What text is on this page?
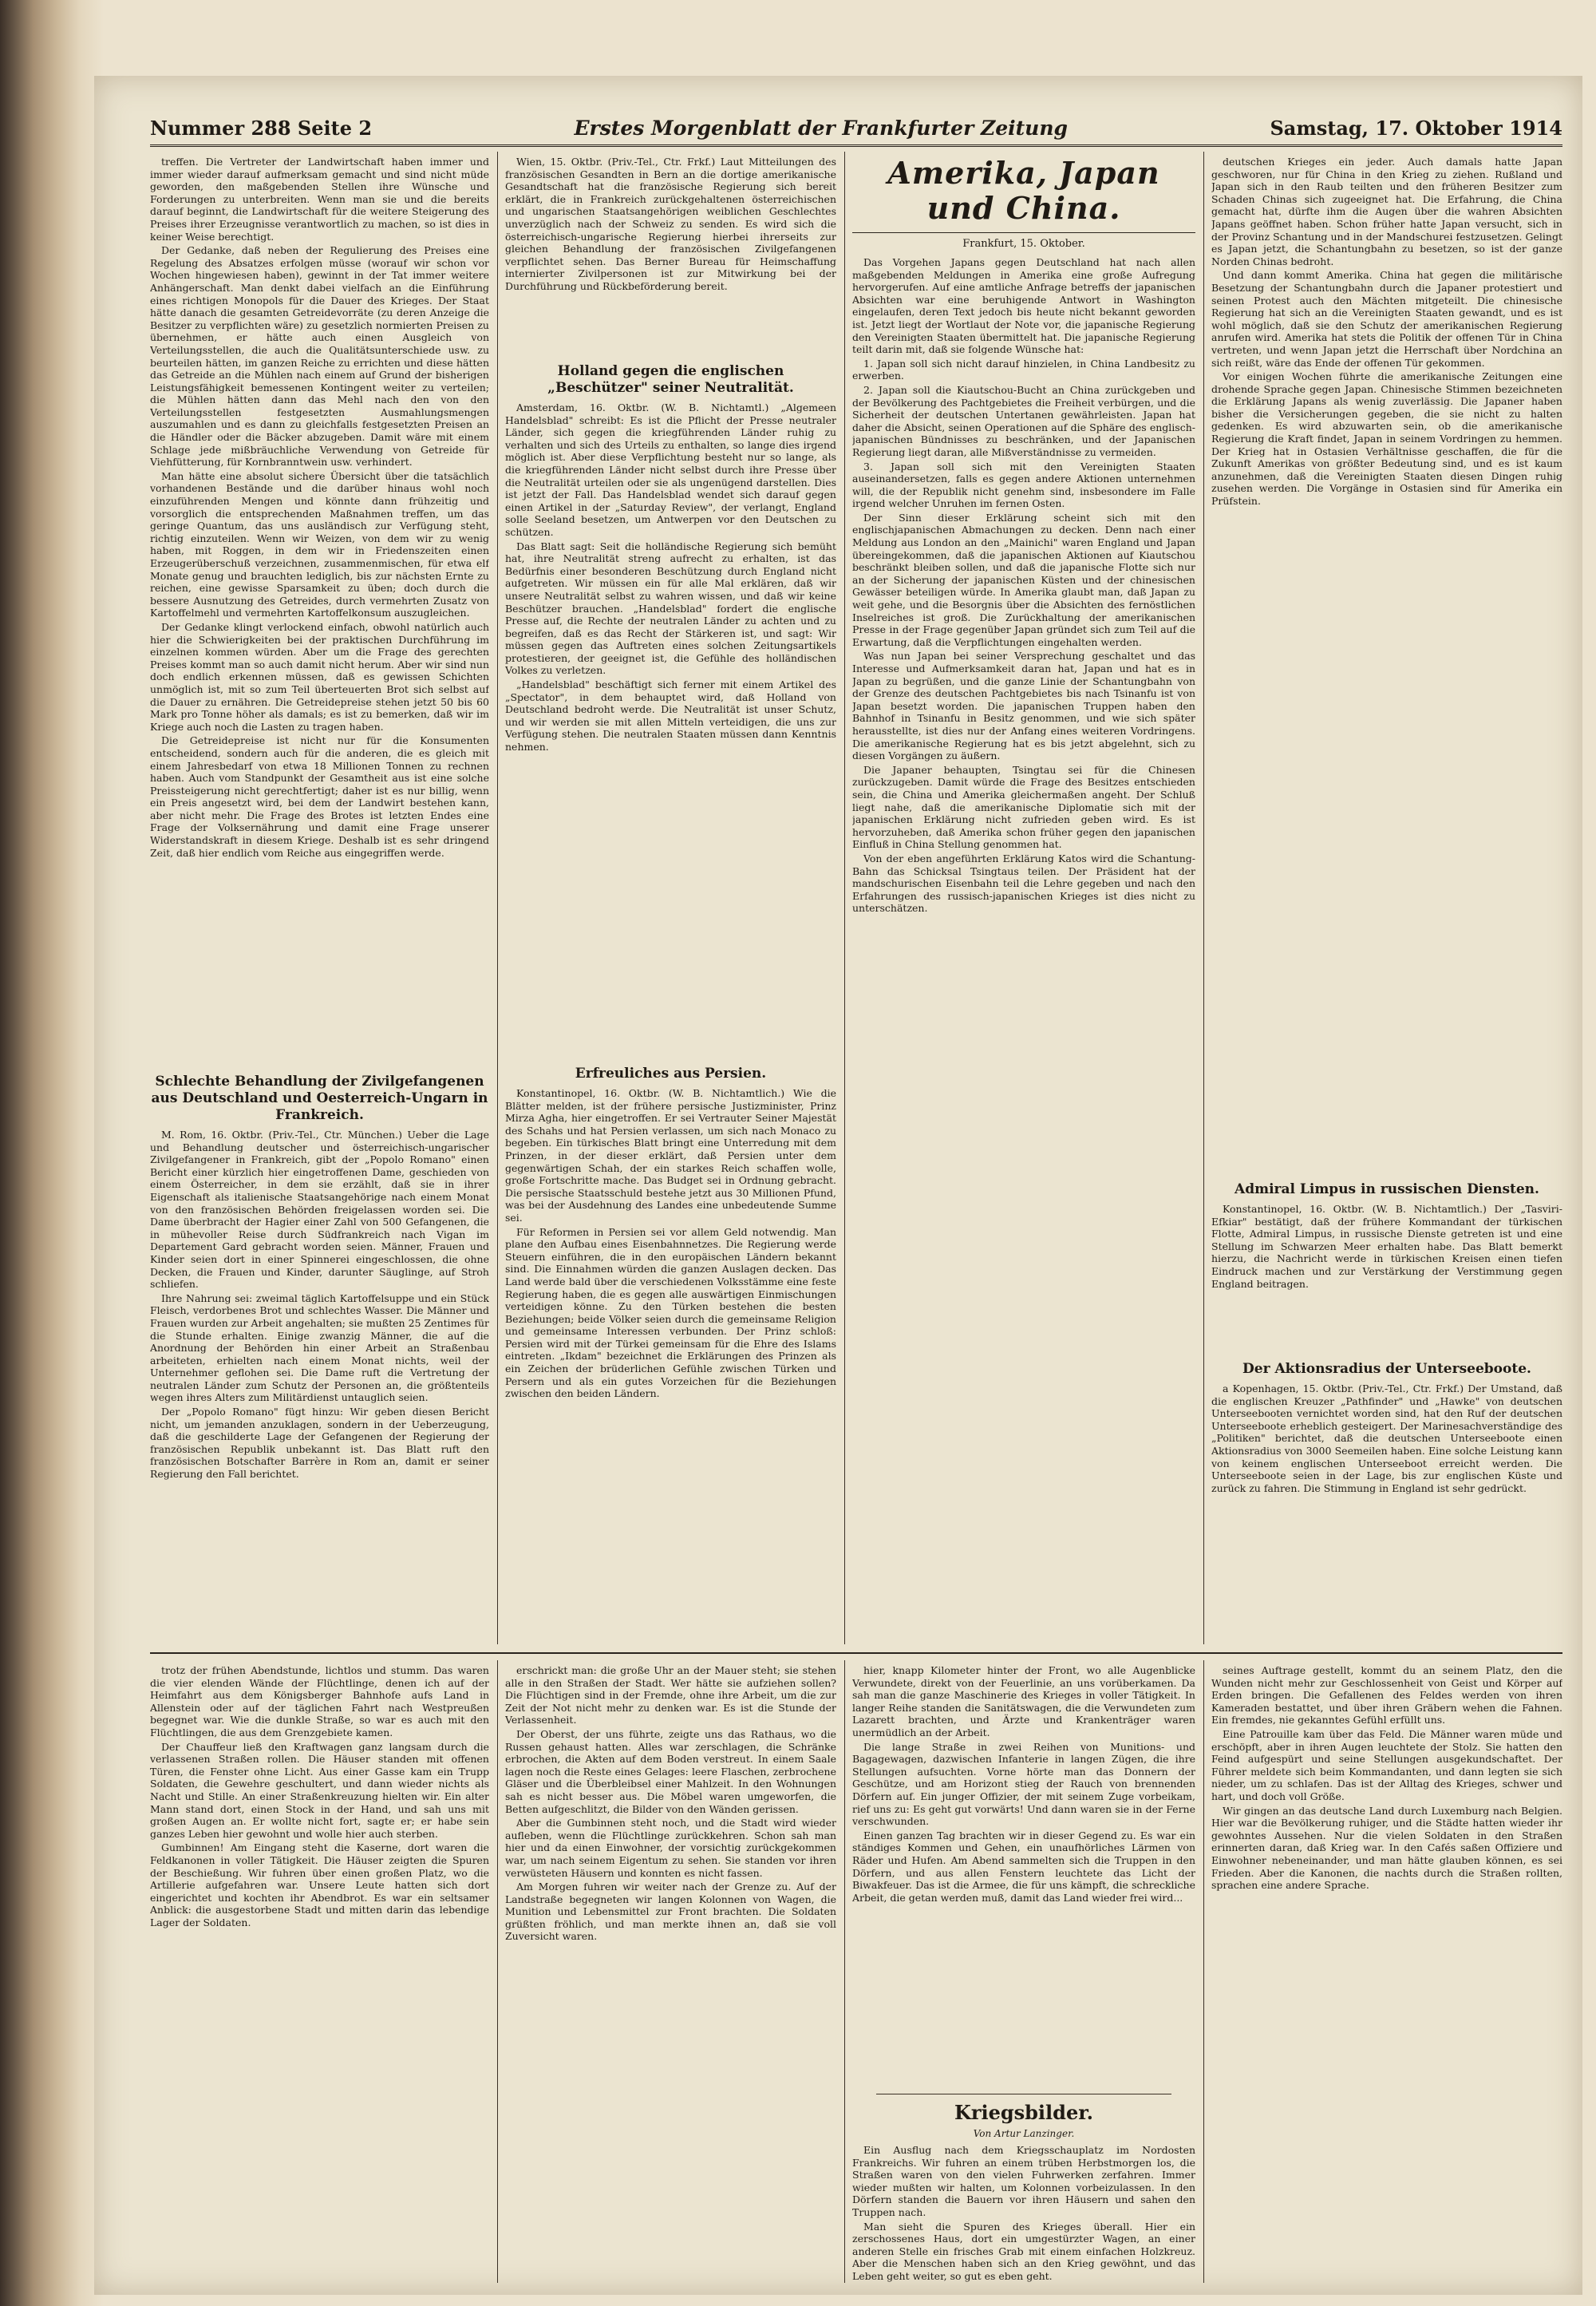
Nummer 288 Seite 2	Erstes Morgenblatt der Frankfurter Zeitung	Samstag, 17. Oktober 1914

treffen. Die Vertreter der Landwirtschaft haben immer und immer wieder darauf aufmerksam gemacht und sind nicht müde geworden, den maßgebenden Stellen ihre Wünsche und Forderungen zu unterbreiten. Wenn man sie und die bereits darauf beginnt, die Landwirtschaft für die weitere Steigerung des Preises ihrer Erzeugnisse verantwortlich zu machen, so ist dies in keiner Weise berechtigt.

Der Gedanke, daß neben der Regulierung des Preises eine Regelung des Absatzes erfolgen müsse (worauf wir schon vor Wochen hingewiesen haben), gewinnt in der Tat immer weitere Anhängerschaft. Man denkt dabei vielfach an die Einführung eines richtigen Monopols für die Dauer des Krieges. Der Staat hätte danach die gesamten Getreidevorräte (zu deren Anzeige die Besitzer zu verpflichten wäre) zu gesetzlich normierten Preisen zu übernehmen, er hätte auch einen Ausgleich von Verteilungsstellen, die auch die Qualitätsunterschiede usw. zu beurteilen hätten, im ganzen Reiche zu errichten und diese hätten das Getreide an die Mühlen nach einem auf Grund der bisherigen Leistungsfähigkeit bemessenen Kontingent weiter zu verteilen; die Mühlen hätten dann das Mehl nach den von den Verteilungsstellen festgesetzten Ausmahlungsmengen auszumahlen und es dann zu gleichfalls festgesetzten Preisen an die Händler oder die Bäcker abzugeben. Damit wäre mit einem Schlage jede mißbräuchliche Verwendung von Getreide für Viehfütterung, für Kornbranntwein usw. verhindert.

Man hätte eine absolut sichere Übersicht über die tatsächlich vorhandenen Bestände und die darüber hinaus wohl noch einzuführenden Mengen und könnte dann frühzeitig und vorsorglich die entsprechenden Maßnahmen treffen, um das geringe Quantum, das uns ausländisch zur Verfügung steht, richtig einzuteilen. Wenn wir Weizen, von dem wir zu wenig haben, mit Roggen, in dem wir in Friedenszeiten einen Erzeugerüberschuß verzeichnen, zusammenmischen, für etwa elf Monate genug und brauchten lediglich, bis zur nächsten Ernte zu reichen, eine gewisse Sparsamkeit zu üben; doch durch die bessere Ausnutzung des Getreides, durch vermehrten Zusatz von Kartoffelmehl und vermehrten Kartoffelkonsum auszugleichen.

Der Gedanke klingt verlockend einfach, obwohl natürlich auch hier die Schwierigkeiten bei der praktischen Durchführung im einzelnen kommen würden. Aber um die Frage des gerechten Preises kommt man so auch damit nicht herum. Aber wir sind nun doch endlich erkennen müssen, daß es gewissen Schichten unmöglich ist, mit so zum Teil überteuerten Brot sich selbst auf die Dauer zu ernähren. Die Getreidepreise stehen jetzt 50 bis 60 Mark pro Tonne höher als damals; es ist zu bemerken, daß wir im Kriege auch noch die Lasten zu tragen haben.

Die Getreidepreise ist nicht nur für die Konsumenten entscheidend, sondern auch für die anderen, die es gleich mit einem Jahresbedarf von etwa 18 Millionen Tonnen zu rechnen haben. Auch vom Standpunkt der Gesamtheit aus ist eine solche Preissteigerung nicht gerechtfertigt; daher ist es nur billig, wenn ein Preis angesetzt wird, bei dem der Landwirt bestehen kann, aber nicht mehr. Die Frage des Brotes ist letzten Endes eine Frage der Volksernährung und damit eine Frage unserer Widerstandskraft in diesem Kriege. Deshalb ist es sehr dringend Zeit, daß hier endlich vom Reiche aus eingegriffen werde.

Schlechte Behandlung der Zivilgefangenen aus Deutschland und Oesterreich-Ungarn in Frankreich.

M. Rom, 16. Oktbr. (Priv.-Tel., Ctr. München.) Ueber die Lage und Behandlung deutscher und österreichisch-ungarischer Zivilgefangener in Frankreich, gibt der „Popolo Romano" einen Bericht einer kürzlich hier eingetroffenen Dame, geschieden von einem Österreicher, in dem sie erzählt, daß sie in ihrer Eigenschaft als italienische Staatsangehörige nach einem Monat von den französischen Behörden freigelassen worden sei. Die Dame überbracht der Hagier einer Zahl von 500 Gefangenen, die in mühevoller Reise durch Südfrankreich nach Vigan im Departement Gard gebracht worden seien. Männer, Frauen und Kinder seien dort in einer Spinnerei eingeschlossen, die ohne Decken, die Frauen und Kinder, darunter Säuglinge, auf Stroh schliefen.

Ihre Nahrung sei: zweimal täglich Kartoffelsuppe und ein Stück Fleisch, verdorbenes Brot und schlechtes Wasser. Die Männer und Frauen wurden zur Arbeit angehalten; sie mußten 25 Zentimes für die Stunde erhalten. Einige zwanzig Männer, die auf die Anordnung der Behörden hin einer Arbeit an Straßenbau arbeiteten, erhielten nach einem Monat nichts, weil der Unternehmer geflohen sei. Die Dame ruft die Vertretung der neutralen Länder zum Schutz der Personen an, die größtenteils wegen ihres Alters zum Militärdienst untauglich seien.

Der „Popolo Romano" fügt hinzu: Wir geben diesen Bericht nicht, um jemanden anzuklagen, sondern in der Ueberzeugung, daß die geschilderte Lage der Gefangenen der Regierung der französischen Republik unbekannt ist. Das Blatt ruft den französischen Botschafter Barrère in Rom an, damit er seiner Regierung den Fall berichtet.

Wien, 15. Oktbr. (Priv.-Tel., Ctr. Frkf.) Laut Mitteilungen des französischen Gesandten in Bern an die dortige amerikanische Gesandtschaft hat die französische Regierung sich bereit erklärt, die in Frankreich zurückgehaltenen österreichischen und ungarischen Staatsangehörigen weiblichen Geschlechtes unverzüglich nach der Schweiz zu senden. Es wird sich die österreichisch-ungarische Regierung hierbei ihrerseits zur gleichen Behandlung der französischen Zivilgefangenen verpflichtet sehen. Das Berner Bureau für Heimschaffung internierter Zivilpersonen ist zur Mitwirkung bei der Durchführung und Rückbeförderung bereit.

Holland gegen die englischen „Beschützer" seiner Neutralität.

Amsterdam, 16. Oktbr. (W. B. Nichtamtl.) „Algemeen Handelsblad" schreibt: Es ist die Pflicht der Presse neutraler Länder, sich gegen die kriegführenden Länder ruhig zu verhalten und sich des Urteils zu enthalten, so lange dies irgend möglich ist. Aber diese Verpflichtung besteht nur so lange, als die kriegführenden Länder nicht selbst durch ihre Presse über die Neutralität urteilen oder sie als ungenügend darstellen. Dies ist jetzt der Fall. Das Handelsblad wendet sich darauf gegen einen Artikel in der „Saturday Review", der verlangt, England solle Seeland besetzen, um Antwerpen vor den Deutschen zu schützen.

Das Blatt sagt: Seit die holländische Regierung sich bemüht hat, ihre Neutralität streng aufrecht zu erhalten, ist das Bedürfnis einer besonderen Beschützung durch England nicht aufgetreten. Wir müssen ein für alle Mal erklären, daß wir unsere Neutralität selbst zu wahren wissen, und daß wir keine Beschützer brauchen. „Handelsblad" fordert die englische Presse auf, die Rechte der neutralen Länder zu achten und zu begreifen, daß es das Recht der Stärkeren ist, und sagt: Wir müssen gegen das Auftreten eines solchen Zeitungsartikels protestieren, der geeignet ist, die Gefühle des holländischen Volkes zu verletzen.

„Handelsblad" beschäftigt sich ferner mit einem Artikel des „Spectator", in dem behauptet wird, daß Holland von Deutschland bedroht werde. Die Neutralität ist unser Schutz, und wir werden sie mit allen Mitteln verteidigen, die uns zur Verfügung stehen. Die neutralen Staaten müssen dann Kenntnis nehmen.

Erfreuliches aus Persien.

Konstantinopel, 16. Oktbr. (W. B. Nichtamtlich.) Wie die Blätter melden, ist der frühere persische Justizminister, Prinz Mirza Agha, hier eingetroffen. Er sei Vertrauter Seiner Majestät des Schahs und hat Persien verlassen, um sich nach Monaco zu begeben. Ein türkisches Blatt bringt eine Unterredung mit dem Prinzen, in der dieser erklärt, daß Persien unter dem gegenwärtigen Schah, der ein starkes Reich schaffen wolle, große Fortschritte mache. Das Budget sei in Ordnung gebracht. Die persische Staatsschuld bestehe jetzt aus 30 Millionen Pfund, was bei der Ausdehnung des Landes eine unbedeutende Summe sei.

Für Reformen in Persien sei vor allem Geld notwendig. Man plane den Aufbau eines Eisenbahnnetzes. Die Regierung werde Steuern einführen, die in den europäischen Ländern bekannt sind. Die Einnahmen würden die ganzen Auslagen decken. Das Land werde bald über die verschiedenen Volksstämme eine feste Regierung haben, die es gegen alle auswärtigen Einmischungen verteidigen könne. Zu den Türken bestehen die besten Beziehungen; beide Völker seien durch die gemeinsame Religion und gemeinsame Interessen verbunden. Der Prinz schloß: Persien wird mit der Türkei gemeinsam für die Ehre des Islams eintreten. „Ikdam" bezeichnet die Erklärungen des Prinzen als ein Zeichen der brüderlichen Gefühle zwischen Türken und Persern und als ein gutes Vorzeichen für die Beziehungen zwischen den beiden Ländern.

Amerika, Japan und China.
Frankfurt, 15. Oktober.

Das Vorgehen Japans gegen Deutschland hat nach allen maßgebenden Meldungen in Amerika eine große Aufregung hervorgerufen. Auf eine amtliche Anfrage betreffs der japanischen Absichten war eine beruhigende Antwort in Washington eingelaufen, deren Text jedoch bis heute nicht bekannt geworden ist. Jetzt liegt der Wortlaut der Note vor, die japanische Regierung den Vereinigten Staaten übermittelt hat. Die japanische Regierung teilt darin mit, daß sie folgende Wünsche hat:

1. Japan soll sich nicht darauf hinzielen, in China Landbesitz zu erwerben.

2. Japan soll die Kiautschou-Bucht an China zurückgeben und der Bevölkerung des Pachtgebietes die Freiheit verbürgen, und die Sicherheit der deutschen Untertanen gewährleisten. Japan hat daher die Absicht, seinen Operationen auf die Sphäre des englisch-japanischen Bündnisses zu beschränken, und der Japanischen Regierung liegt daran, alle Mißverständnisse zu vermeiden.

3. Japan soll sich mit den Vereinigten Staaten auseinandersetzen, falls es gegen andere Aktionen unternehmen will, die der Republik nicht genehm sind, insbesondere im Falle irgend welcher Unruhen im fernen Osten.

Der Sinn dieser Erklärung scheint sich mit den englischjapanischen Abmachungen zu decken. Denn nach einer Meldung aus London an den „Mainichi" waren England und Japan übereingekommen, daß die japanischen Aktionen auf Kiautschou beschränkt bleiben sollen, und daß die japanische Flotte sich nur an der Sicherung der japanischen Küsten und der chinesischen Gewässer beteiligen würde. In Amerika glaubt man, daß Japan zu weit gehe, und die Besorgnis über die Absichten des fernöstlichen Inselreiches ist groß. Die Zurückhaltung der amerikanischen Presse in der Frage gegenüber Japan gründet sich zum Teil auf die Erwartung, daß die Verpflichtungen eingehalten werden.

Was nun Japan bei seiner Versprechung geschaltet und das Interesse und Aufmerksamkeit daran hat, Japan und hat es in Japan zu begrüßen, und die ganze Linie der Schantungbahn von der Grenze des deutschen Pachtgebietes bis nach Tsinanfu ist von Japan besetzt worden. Die japanischen Truppen haben den Bahnhof in Tsinanfu in Besitz genommen, und wie sich später herausstellte, ist dies nur der Anfang eines weiteren Vordringens. Die amerikanische Regierung hat es bis jetzt abgelehnt, sich zu diesen Vorgängen zu äußern.

Die Japaner behaupten, Tsingtau sei für die Chinesen zurückzugeben. Damit würde die Frage des Besitzes entschieden sein, die China und Amerika gleichermaßen angeht. Der Schluß liegt nahe, daß die amerikanische Diplomatie sich mit der japanischen Erklärung nicht zufrieden geben wird. Es ist hervorzuheben, daß Amerika schon früher gegen den japanischen Einfluß in China Stellung genommen hat.

Von der eben angeführten Erklärung Katos wird die Schantung-Bahn das Schicksal Tsingtaus teilen. Der Präsident hat der mandschurischen Eisenbahn teil die Lehre gegeben und nach den Erfahrungen des russisch-japanischen Krieges ist dies nicht zu unterschätzen.

deutschen Krieges ein jeder. Auch damals hatte Japan geschworen, nur für China in den Krieg zu ziehen. Rußland und Japan sich in den Raub teilten und den früheren Besitzer zum Schaden Chinas sich zugeeignet hat. Die Erfahrung, die China gemacht hat, dürfte ihm die Augen über die wahren Absichten Japans geöffnet haben. Schon früher hatte Japan versucht, sich in der Provinz Schantung und in der Mandschurei festzusetzen. Gelingt es Japan jetzt, die Schantungbahn zu besetzen, so ist der ganze Norden Chinas bedroht.

Und dann kommt Amerika. China hat gegen die militärische Besetzung der Schantungbahn durch die Japaner protestiert und seinen Protest auch den Mächten mitgeteilt. Die chinesische Regierung hat sich an die Vereinigten Staaten gewandt, und es ist wohl möglich, daß sie den Schutz der amerikanischen Regierung anrufen wird. Amerika hat stets die Politik der offenen Tür in China vertreten, und wenn Japan jetzt die Herrschaft über Nordchina an sich reißt, wäre das Ende der offenen Tür gekommen.

Vor einigen Wochen führte die amerikanische Zeitungen eine drohende Sprache gegen Japan. Chinesische Stimmen bezeichneten die Erklärung Japans als wenig zuverlässig. Die Japaner haben bisher die Versicherungen gegeben, die sie nicht zu halten gedenken. Es wird abzuwarten sein, ob die amerikanische Regierung die Kraft findet, Japan in seinem Vordringen zu hemmen. Der Krieg hat in Ostasien Verhältnisse geschaffen, die für die Zukunft Amerikas von größter Bedeutung sind, und es ist kaum anzunehmen, daß die Vereinigten Staaten diesen Dingen ruhig zusehen werden. Die Vorgänge in Ostasien sind für Amerika ein Prüfstein.

Admiral Limpus in russischen Diensten.

Konstantinopel, 16. Oktbr. (W. B. Nichtamtlich.) Der „Tasviri-Efkiar" bestätigt, daß der frühere Kommandant der türkischen Flotte, Admiral Limpus, in russische Dienste getreten ist und eine Stellung im Schwarzen Meer erhalten habe. Das Blatt bemerkt hierzu, die Nachricht werde in türkischen Kreisen einen tiefen Eindruck machen und zur Verstärkung der Verstimmung gegen England beitragen.

Der Aktionsradius der Unterseeboote.

a Kopenhagen, 15. Oktbr. (Priv.-Tel., Ctr. Frkf.) Der Umstand, daß die englischen Kreuzer „Pathfinder" und „Hawke" von deutschen Unterseebooten vernichtet worden sind, hat den Ruf der deutschen Unterseeboote erheblich gesteigert. Der Marinesachverständige des „Politiken" berichtet, daß die deutschen Unterseeboote einen Aktionsradius von 3000 Seemeilen haben. Eine solche Leistung kann von keinem englischen Unterseeboot erreicht werden. Die Unterseeboote seien in der Lage, bis zur englischen Küste und zurück zu fahren. Die Stimmung in England ist sehr gedrückt.

trotz der frühen Abendstunde, lichtlos und stumm. Das waren die vier elenden Wände der Flüchtlinge, denen ich auf der Heimfahrt aus dem Königsberger Bahnhofe aufs Land in Allenstein oder auf der täglichen Fahrt nach Westpreußen begegnet war. Wie die dunkle Straße, so war es auch mit den Flüchtlingen, die aus dem Grenzgebiete kamen.

Der Chauffeur ließ den Kraftwagen ganz langsam durch die verlassenen Straßen rollen. Die Häuser standen mit offenen Türen, die Fenster ohne Licht. Aus einer Gasse kam ein Trupp Soldaten, die Gewehre geschultert, und dann wieder nichts als Nacht und Stille. An einer Straßenkreuzung hielten wir. Ein alter Mann stand dort, einen Stock in der Hand, und sah uns mit großen Augen an. Er wollte nicht fort, sagte er; er habe sein ganzes Leben hier gewohnt und wolle hier auch sterben.

Gumbinnen! Am Eingang steht die Kaserne, dort waren die Feldkanonen in voller Tätigkeit. Die Häuser zeigten die Spuren der Beschießung. Wir fuhren über einen großen Platz, wo die Artillerie aufgefahren war. Unsere Leute hatten sich dort eingerichtet und kochten ihr Abendbrot. Es war ein seltsamer Anblick: die ausgestorbene Stadt und mitten darin das lebendige Lager der Soldaten.

erschrickt man: die große Uhr an der Mauer steht; sie stehen alle in den Straßen der Stadt. Wer hätte sie aufziehen sollen? Die Flüchtigen sind in der Fremde, ohne ihre Arbeit, um die zur Zeit der Not nicht mehr zu denken war. Es ist die Stunde der Verlassenheit.

Der Oberst, der uns führte, zeigte uns das Rathaus, wo die Russen gehaust hatten. Alles war zerschlagen, die Schränke erbrochen, die Akten auf dem Boden verstreut. In einem Saale lagen noch die Reste eines Gelages: leere Flaschen, zerbrochene Gläser und die Überbleibsel einer Mahlzeit. In den Wohnungen sah es nicht besser aus. Die Möbel waren umgeworfen, die Betten aufgeschlitzt, die Bilder von den Wänden gerissen.

Aber die Gumbinnen steht noch, und die Stadt wird wieder aufleben, wenn die Flüchtlinge zurückkehren. Schon sah man hier und da einen Einwohner, der vorsichtig zurückgekommen war, um nach seinem Eigentum zu sehen. Sie standen vor ihren verwüsteten Häusern und konnten es nicht fassen.

Am Morgen fuhren wir weiter nach der Grenze zu. Auf der Landstraße begegneten wir langen Kolonnen von Wagen, die Munition und Lebensmittel zur Front brachten. Die Soldaten grüßten fröhlich, und man merkte ihnen an, daß sie voll Zuversicht waren.

hier, knapp Kilometer hinter der Front, wo alle Augenblicke Verwundete, direkt von der Feuerlinie, an uns vorüberkamen. Da sah man die ganze Maschinerie des Krieges in voller Tätigkeit. In langer Reihe standen die Sanitätswagen, die die Verwundeten zum Lazarett brachten, und Ärzte und Krankenträger waren unermüdlich an der Arbeit.

Die lange Straße in zwei Reihen von Munitions- und Bagagewagen, dazwischen Infanterie in langen Zügen, die ihre Stellungen aufsuchten. Vorne hörte man das Donnern der Geschütze, und am Horizont stieg der Rauch von brennenden Dörfern auf. Ein junger Offizier, der mit seinem Zuge vorbeikam, rief uns zu: Es geht gut vorwärts! Und dann waren sie in der Ferne verschwunden.

Einen ganzen Tag brachten wir in dieser Gegend zu. Es war ein ständiges Kommen und Gehen, ein unaufhörliches Lärmen von Räder und Hufen. Am Abend sammelten sich die Truppen in den Dörfern, und aus allen Fenstern leuchtete das Licht der Biwakfeuer. Das ist die Armee, die für uns kämpft, die schreckliche Arbeit, die getan werden muß, damit das Land wieder frei wird...

Kriegsbilder.
Von Artur Lanzinger.

Ein Ausflug nach dem Kriegsschauplatz im Nordosten Frankreichs. Wir fuhren an einem trüben Herbstmorgen los, die Straßen waren von den vielen Fuhrwerken zerfahren. Immer wieder mußten wir halten, um Kolonnen vorbeizulassen. In den Dörfern standen die Bauern vor ihren Häusern und sahen den Truppen nach.

Man sieht die Spuren des Krieges überall. Hier ein zerschossenes Haus, dort ein umgestürzter Wagen, an einer anderen Stelle ein frisches Grab mit einem einfachen Holzkreuz. Aber die Menschen haben sich an den Krieg gewöhnt, und das Leben geht weiter, so gut es eben geht.

seines Auftrage gestellt, kommt du an seinem Platz, den die Wunden nicht mehr zur Geschlossenheit von Geist und Körper auf Erden bringen. Die Gefallenen des Feldes werden von ihren Kameraden bestattet, und über ihren Gräbern wehen die Fahnen. Ein fremdes, nie gekanntes Gefühl erfüllt uns.

Eine Patrouille kam über das Feld. Die Männer waren müde und erschöpft, aber in ihren Augen leuchtete der Stolz. Sie hatten den Feind aufgespürt und seine Stellungen ausgekundschaftet. Der Führer meldete sich beim Kommandanten, und dann legten sie sich nieder, um zu schlafen. Das ist der Alltag des Krieges, schwer und hart, und doch voll Größe.

Wir gingen an das deutsche Land durch Luxemburg nach Belgien. Hier war die Bevölkerung ruhiger, und die Städte hatten wieder ihr gewohntes Aussehen. Nur die vielen Soldaten in den Straßen erinnerten daran, daß Krieg war. In den Cafés saßen Offiziere und Einwohner nebeneinander, und man hätte glauben können, es sei Frieden. Aber die Kanonen, die nachts durch die Straßen rollten, sprachen eine andere Sprache.
